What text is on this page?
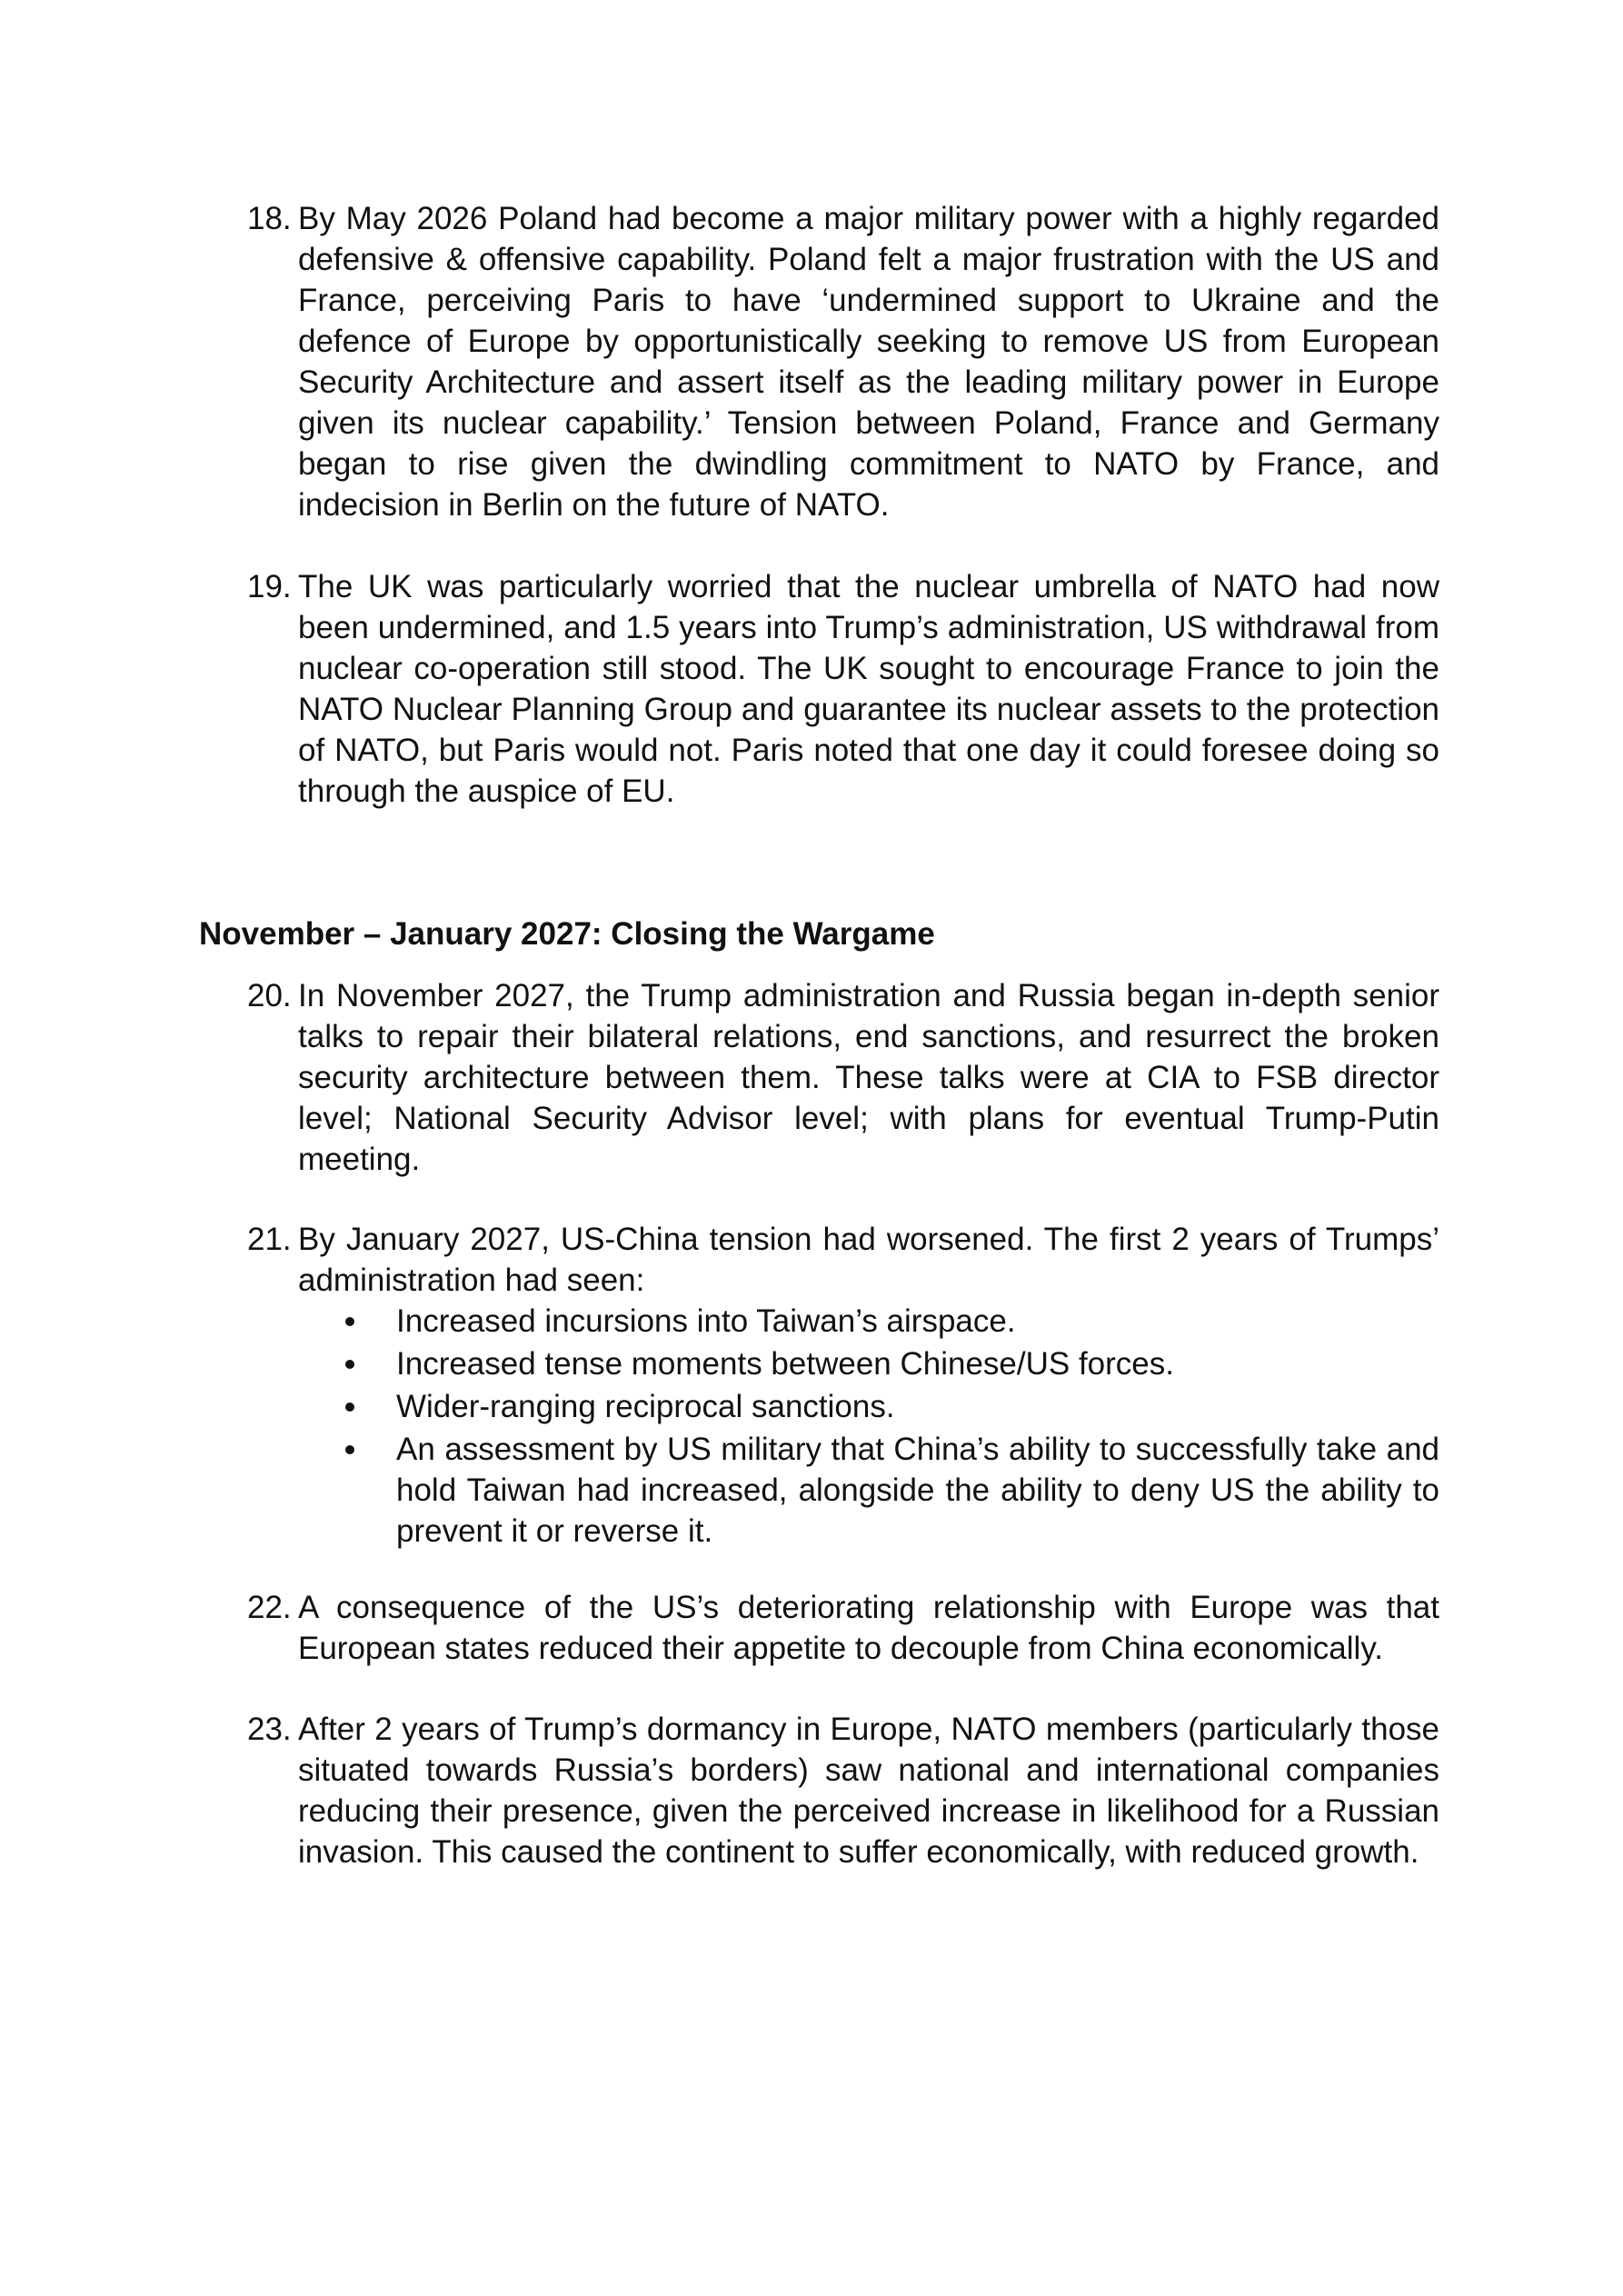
18. By May 2026 Poland had become a major military power with a highly regarded defensive & offensive capability. Poland felt a major frustration with the US and France, perceiving Paris to have ‘undermined support to Ukraine and the defence of Europe by opportunistically seeking to remove US from European Security Architecture and assert itself as the leading military power in Europe given its nuclear capability.’ Tension between Poland, France and Germany began to rise given the dwindling commitment to NATO by France, and indecision in Berlin on the future of NATO.
19. The UK was particularly worried that the nuclear umbrella of NATO had now been undermined, and 1.5 years into Trump’s administration, US withdrawal from nuclear co-operation still stood. The UK sought to encourage France to join the NATO Nuclear Planning Group and guarantee its nuclear assets to the protection of NATO, but Paris would not. Paris noted that one day it could foresee doing so through the auspice of EU.
November – January 2027: Closing the Wargame
20. In November 2027, the Trump administration and Russia began in-depth senior talks to repair their bilateral relations, end sanctions, and resurrect the broken security architecture between them. These talks were at CIA to FSB director level; National Security Advisor level; with plans for eventual Trump-Putin meeting.
21. By January 2027, US-China tension had worsened. The first 2 years of Trumps’ administration had seen:
Increased incursions into Taiwan’s airspace.
Increased tense moments between Chinese/US forces.
Wider-ranging reciprocal sanctions.
An assessment by US military that China’s ability to successfully take and hold Taiwan had increased, alongside the ability to deny US the ability to prevent it or reverse it.
22. A consequence of the US’s deteriorating relationship with Europe was that European states reduced their appetite to decouple from China economically.
23. After 2 years of Trump’s dormancy in Europe, NATO members (particularly those situated towards Russia’s borders) saw national and international companies reducing their presence, given the perceived increase in likelihood for a Russian invasion. This caused the continent to suffer economically, with reduced growth.
